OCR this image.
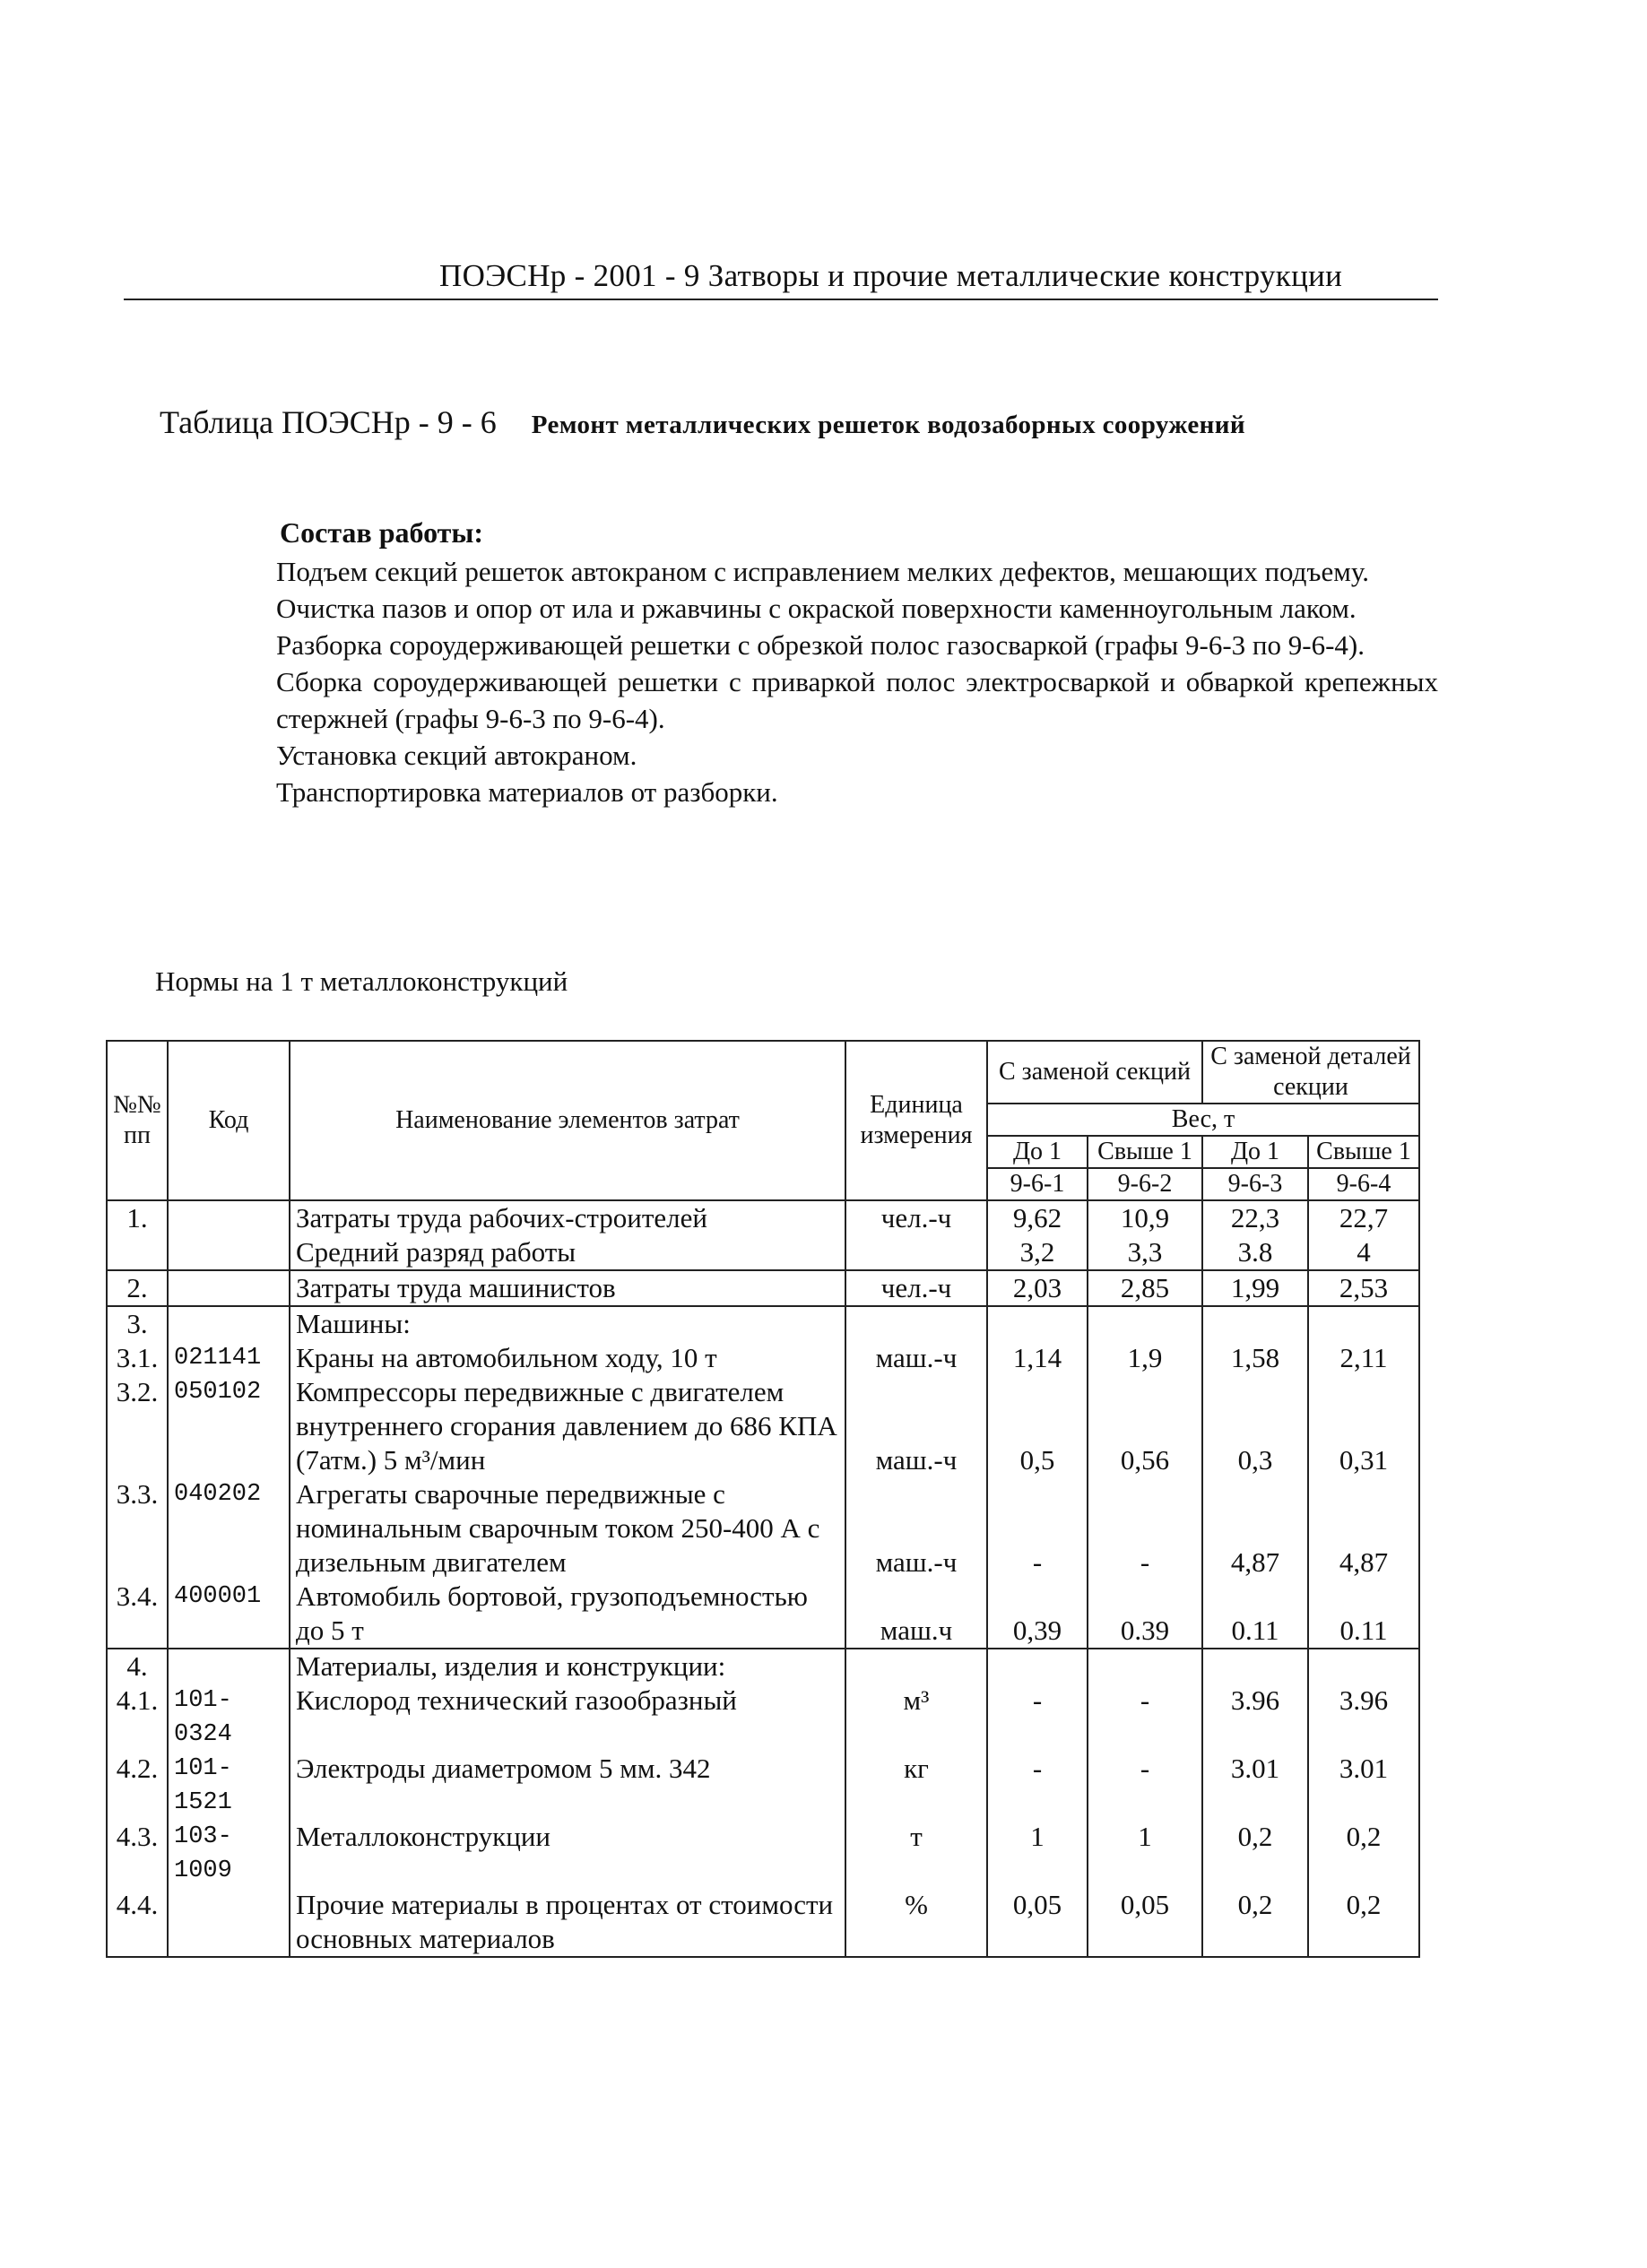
ПОЭСНр - 2001 - 9 Затворы и прочие металлические конструкции
Таблица ПОЭСНр - 9 - 6 Ремонт металлических решеток водозаборных сооружений
Состав работы:
Подъем секций решеток автокраном с исправлением мелких дефектов, мешающих подъему.
Очистка пазов и опор от ила и ржавчины с окраской поверхности каменноугольным лаком.
Разборка сороудерживающей решетки с обрезкой полос газосваркой (графы 9-6-3 по 9-6-4).
Сборка сороудерживающей решетки с приваркой полос электросваркой и обваркой крепежных стержней (графы 9-6-3 по 9-6-4).
Установка секций автокраном.
Транспортировка материалов от разборки.
Нормы на 1 т металлоконструкций
№№ пп	Код	Наименование элементов затрат	Единица измерения	С заменой секций		С заменой деталей секции	
				Вес, т			
				До 1	Свыше 1	До 1	Свыше 1
				9-6-1	9-6-2	9-6-3	9-6-4
1.		Затраты труда рабочих-строителей	чел.-ч	9,62	10,9	22,3	22,7
		Средний разряд работы		3,2	3,3	3.8	4
2.		Затраты труда машинистов	чел.-ч	2,03	2,85	1,99	2,53
3.		Машины:					
3.1.	021141	Краны на автомобильном ходу, 10 т	маш.-ч	1,14	1,9	1,58	2,11
3.2.	050102	Компрессоры передвижные с двигателем внутреннего сгорания давлением до 686 КПА (7атм.) 5 м³/мин	маш.-ч	0,5	0,56	0,3	0,31
3.3.	040202	Агрегаты сварочные передвижные с номинальным сварочным током 250-400 А с дизельным двигателем	маш.-ч	-	-	4,87	4,87
3.4.	400001	Автомобиль бортовой, грузоподъемностью до 5 т	маш.ч	0,39	0.39	0.11	0.11
4.		Материалы, изделия и конструкции:					
4.1.	101-0324	Кислород технический газообразный	м³	-	-	3.96	3.96
4.2.	101-1521	Электроды диаметромом 5 мм. 342	кг	-	-	3.01	3.01
4.3.	103-1009	Металлоконструкции	т	1	1	0,2	0,2
4.4.		Прочие материалы в процентах от стоимости основных материалов	%	0,05	0,05	0,2	0,2
